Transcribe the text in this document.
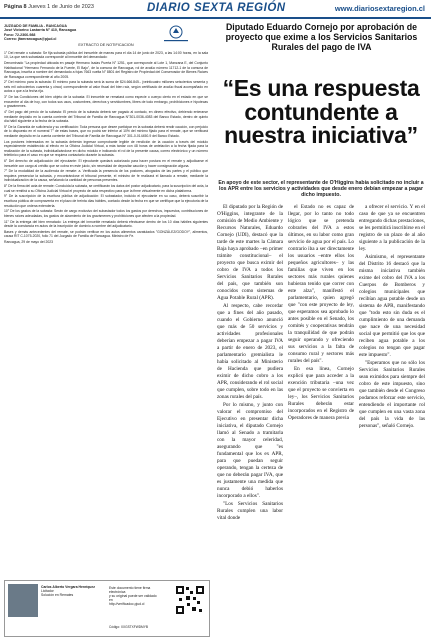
Página 8 Jueves 1 de Junio de 2023	DIARIO SEXTA REGIÓN	www.diariosextaregion.cl
JUZGADO DE FAMILIA - RANCAGUA
José Victorino Lastarria N° 410, Rancagua
Fono: 72-2366-988
Correo: jfamrancagua@pjud.cl
EXTRACTO DE NOTIFICACION

1° Del remate o subasta: Se fija subasta pública del inmueble de marras para el día 14 de junio de 2023, a las 14:00 horas, en la sala 10, La que será subastada correspondé al inmueble del demandado:

Denominado "La propiedad ubicada en pasaje Hermano Isaías Puerta N° 1251, que corresponde al Lote 1, Manzana E, del Conjunto Habitacional "Hermano Fernando de la Fuente, El Bajo", de la comuna de Rancagua, rol de avalúo número 11712-1 de la comuna de Rancagua, inscrita a nombre del demandado a fojas 7663 vuelta N° 8801 del Registro de Propiedad del Conservador de Bienes Raíces de Rancagua correspondiente al año 2005.

2° Del mínimo para la subasta: El mínimo para la subasta será la suma de $24.666.845.- (veinticuatro millones seiscientos sesenta y seis mil ochocientos cuarenta y cinco) correspondiente al valor fiscal del bien raíz, según certificado de avalúo fiscal acompañado en autos o que a la fecha rija.

3° De las Condiciones del bien objeto de la subasta: El inmueble se rematará como especie o cuerpo cierto en el estado en que se encuentre al día de hoy, con todos sus usos, costumbres, derechos y servidumbres, libres de todo embargo, prohibiciones e hipotecas o gravámenes.

4° Del pago del precio de la subasta: El precio de la subasta deberá ser pagado al contado, en dinero efectivo, debiendo enterarse mediante depósito en la cuenta corriente del Tribunal de Familia de Rancagua N°301-0036-4083 del Banco Estado, dentro de quinto día hábil siguiente a la fecha de la subasta.

5° De la Garantía de suficiencia y su certificación: Toda persona que desee participar en la subasta deberá rendir caución, con perjuicio de lo dispuesto en el numeral 7° de estas bases, que no podrá ser inferior al 10% del mínimo fijado para el remate, que se verificará mediante depósito en la cuenta corriente del Tribunal de Familia de Rancagua N° 301-0-014450-9 del Banco Estado.

Los postores interesados en la subasta deberán ingresar comprobante legible de rendición de la caución a través del módulo especialmente establecido al efecto en la Oficina Judicial Virtual, a más tardar con 48 horas de antelación a la fecha fijada para la realización de la subasta, individualizándose en dicho módulo e indicando el rol de la presente causa, correo electrónico y un número telefónico para el caso en que se requiera contactarlo durante la subasta.

6° Del derecho de adjudicación del ejecutante: El ejecutante quedará autorizado para hacer postura en el remate y adjudicarse el inmueble con cargo al crédito que se cobra en este juicio, sin necesidad de depositar caución y hacer consignación alguna.

7° De la modalidad de la audiencia de remate: a. Verificada la presencia de los postores, abogados de las partes y el público que requiera presenciar la subasta, y encontrándose el tribunal presente, el ministro de fe realizará el llamado a remate, mediante la individualización de la causa, señalando la cantidad de personas presentes.

8° De la firma del acta de remate: Concluida la subasta, se certificarán los datos del postor adjudicatario, para la suscripción del acta, la cual se remitirá a su Oficina Judicial Virtual el proyecto de acta respectivo para que la firme virtualmente en dicha plataforma.

9° De la suscripción de la escritura pública de adjudicación: El subastador, incluido el ejecutante en su caso, deberá suscribir la escritura pública de compraventa en el plazo de treinta días hábiles, contado desde la fecha en que se certifique que la ejecutoria de la resolución que ordena extenderla.

10° De los gastos de la subasta: Serán de cargo exclusivo del subastador todos los gastos por derechos, impuestos, contribuciones de bienes raíces adeudadas, los gastos de alzamiento de los gravámenes y prohibiciones que afecten a la propiedad.

11° De la entrega del bien rematado: La entrega del inmueble rematado deberá efectuarse dentro de los 10 días hábiles siguientes desde la constancia en autos de la inscripción de dominio a nombre del adjudicatario.

Bases y demás antecedentes del remate, se podrán verificar en los autos alimentos caratulados "GONZÁLEZ/GODOY", alimentos, causa RIT C-1075-2020, folio 71 del Juzgado de Familia de Rancagua. Ministro de Fe.

Rancagua, 29 de mayo del 2023

Carlos Alberto Vergara Henríquez
Licitador
Solución en Remates
Este documento tiene firma electrónica
y su original puede ser validado en
http://verificadoc.pjud.cl
Código: XXGSTXFWDMYB
Diputado Eduardo Cornejo por aprobación de proyecto que exime a los Servicios Sanitarios Rurales del pago de IVA
“Es una respuesta contundente a nuestra iniciativa”
En apoyo de este sector, el representante de O'Higgins había solicitado no incluir a los APR entre los servicios y actividades que desde enero debían empezar a pagar dicho impuesto.

El diputado por la Región de O'Higgins, integrante de la comisión de Medio Ambiente y Recursos Naturales, Eduardo Cornejo (UDI), destacó que la tarde de este martes la Cámara Baja haya aprobado –en primer trámite constitucional– el proyecto que busca eximir del cobro de IVA a todos los Servicios Sanitarios Rurales del país, que también son conocidos como sistemas de Agua Potable Rural (APR).

Al respecto, cabe recordar que a fines del año pasado, cuando el Gobierno anunció que más de 50 servicios y actividades profesionales deberían empezar a pagar IVA a partir de enero de 2023, el parlamentario gremialista le había solicitado al Ministerio de Hacienda que pudiera eximir de dicho cobro a los APR, considerando el rol social que cumplen, sobre todo en las zonas rurales del país.

Por lo mismo, y junto con valorar el compromiso del Ejecutivo en presentar dicha iniciativa, el diputado Cornejo llamó al Senado a tramitarla con la mayor celeridad, asegurando que "es fundamental que los ex APR, para que puedan seguir operando, tengan la certeza de que no deberán pagar IVA, que es justamente una medida que nunca debió haberlos incorporado a ellos".

"Los Servicios Sanitarios Rurales cumplen una labor vital donde

el Estado no es capaz de llegar, por lo tanto no todo lógico que se pretenda cobrarles del IVA a estos últimos, en su labor como gran servicio de agua por el país. Lo contrario iba a ser directamente los usuarios –entre ellos los pequeños agricultores– y las familias que viven en los sectores más rurales quienes hubieran tenido que correr con este alza", manifestó el parlamentario, quien agregó que "con este proyecto de ley, que esperamos sea aprobado lo antes posible en el Senado, los comités y cooperativas tendrán la tranquilidad de que podrán seguir operando y ofreciendo sus servicios a la falta de consumo rural y sectores más rurales del país".

En esa línea, Cornejo explicó que para acceder a la exención tributaria –una vez que el proyecto se convierta en ley–, los Servicios Sanitarios Rurales deberán estar incorporados en el Registro de Operadores de manera previa

a ofrecer el servicio. Y en el caso de que ya se encuentren entregando dichas prestaciones, se les permitirá inscribirse en el registro de un plazo de al año siguiente a la publicación de la ley.

Asimismo, el representante del Distrito 16 destacó que la misma iniciativa también exime del cobro del IVA a los Cuerpos de Bomberos y colegios municipales que recibían agua potable desde un sistema de APR, manifestando que "todo esto sin duda es el cumplimiento de una demanda que nace de una necesidad social que permitió que los que reciben agua potable a los colegios no tengan que pagar este impuesto".

"Esperamos que no sólo los Servicios Sanitarios Rurales sean eximidos para siempre del cobro de este impuesto, sino que también desde el Congreso podamos reforzar este servicio, entendiendo el importante rol que cumplen en una vasta zona del país la vida de las personas", señaló Cornejo.
